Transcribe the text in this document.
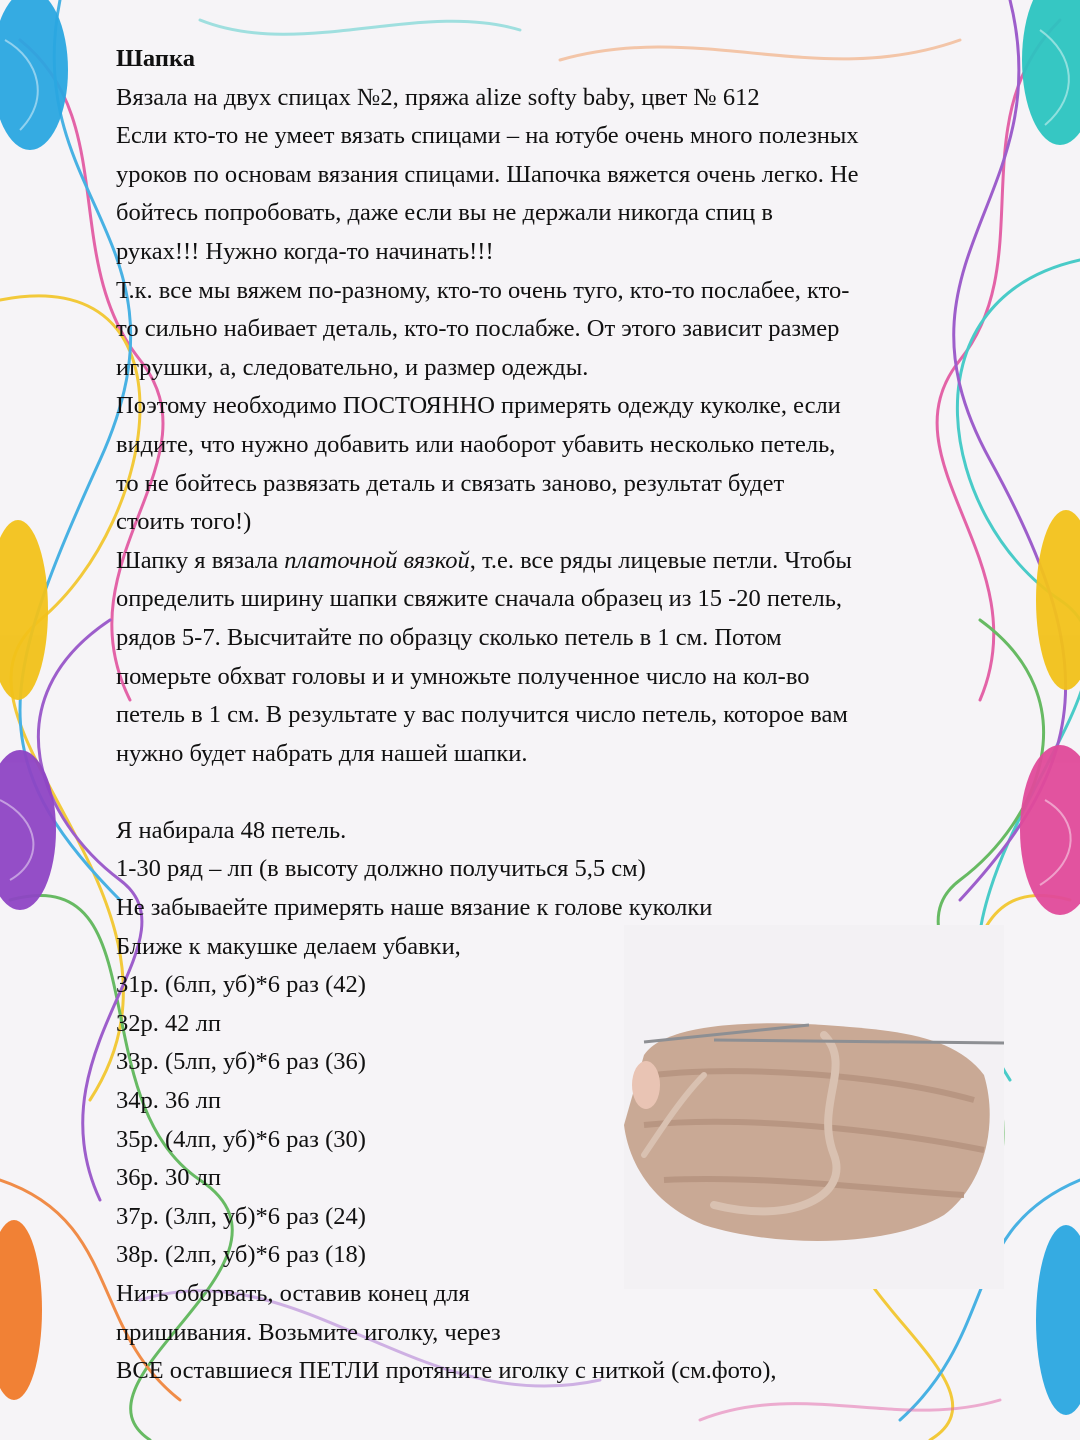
Шапка
Вязала на двух спицах №2, пряжа alize softy baby, цвет № 612
Если кто-то не умеет вязать спицами – на ютубе очень много полезных
уроков по основам вязания спицами. Шапочка вяжется очень легко. Не
бойтесь попробовать, даже если вы не держали никогда спиц в
руках!!! Нужно когда-то начинать!!!
Т.к. все мы вяжем по-разному, кто-то очень туго, кто-то послабее, кто-
то сильно набивает деталь, кто-то послабже. От этого зависит размер
игрушки, а, следовательно, и размер одежды.
Поэтому необходимо ПОСТОЯННО примерять одежду куколке, если
видите, что нужно добавить или наоборот убавить несколько петель,
то не бойтесь развязать деталь и связать заново, результат будет
стоить того!)
Шапку я вязала платочной вязкой, т.е. все ряды лицевые петли. Чтобы
определить ширину шапки свяжите сначала образец из 15 -20 петель,
рядов 5-7. Высчитайте по образцу сколько петель в 1 см. Потом
померьте обхват головы и и умножьте полученное число на кол-во
петель в 1 см. В результате у вас получится число петель, которое вам
нужно будет набрать для нашей шапки.
Я набирала 48 петель.
1-30 ряд – лп (в высоту должно получиться 5,5 см)
Не забываейте примерять наше вязание к голове куколки
Ближе к макушке делаем убавки,
31р. (6лп, уб)*6 раз (42)
32р. 42 лп
33р. (5лп, уб)*6 раз (36)
34р. 36 лп
35р. (4лп, уб)*6 раз (30)
36р. 30 лп
37р. (3лп, уб)*6 раз (24)
38р. (2лп, уб)*6 раз (18)
Нить оборвать, оставив конец для
пришивания. Возьмите иголку, через
ВСЕ оставшиеся ПЕТЛИ протяните иголку с ниткой (см.фото),
